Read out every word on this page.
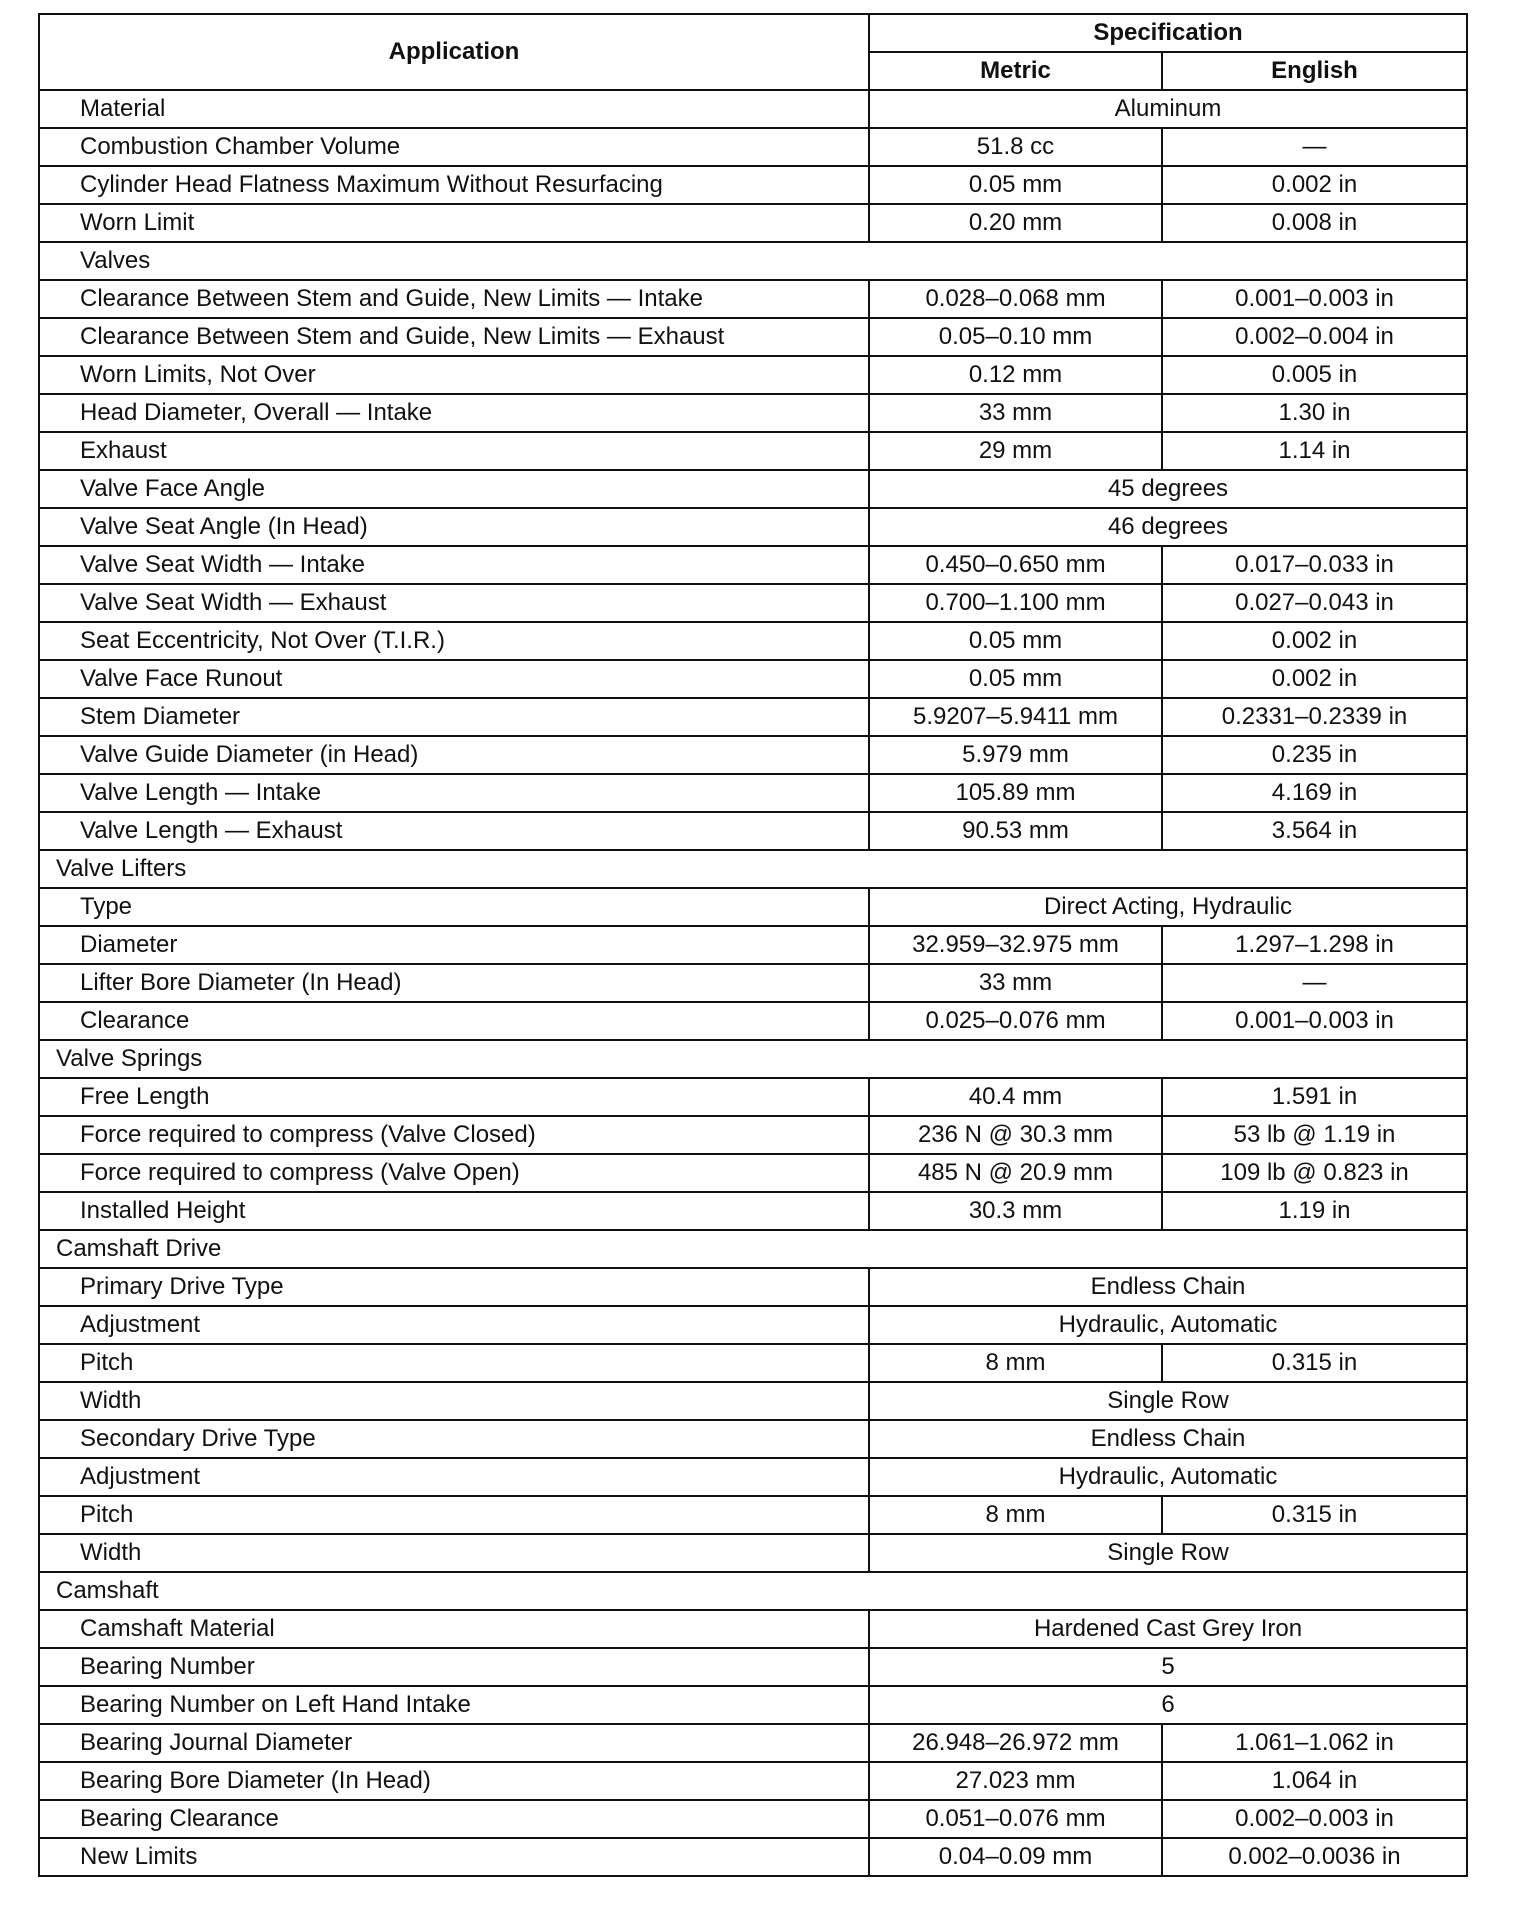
Application	Specification	
	Metric	English
Material	Aluminum	
Combustion Chamber Volume	51.8 cc	—
Cylinder Head Flatness Maximum Without Resurfacing	0.05 mm	0.002 in
Worn Limit	0.20 mm	0.008 in
Valves		
Clearance Between Stem and Guide, New Limits — Intake	0.028–0.068 mm	0.001–0.003 in
Clearance Between Stem and Guide, New Limits — Exhaust	0.05–0.10 mm	0.002–0.004 in
Worn Limits, Not Over	0.12 mm	0.005 in
Head Diameter, Overall — Intake	33 mm	1.30 in
Exhaust	29 mm	1.14 in
Valve Face Angle	45 degrees	
Valve Seat Angle (In Head)	46 degrees	
Valve Seat Width — Intake	0.450–0.650 mm	0.017–0.033 in
Valve Seat Width — Exhaust	0.700–1.100 mm	0.027–0.043 in
Seat Eccentricity, Not Over (T.I.R.)	0.05 mm	0.002 in
Valve Face Runout	0.05 mm	0.002 in
Stem Diameter	5.9207–5.9411 mm	0.2331–0.2339 in
Valve Guide Diameter (in Head)	5.979 mm	0.235 in
Valve Length — Intake	105.89 mm	4.169 in
Valve Length — Exhaust	90.53 mm	3.564 in
Valve Lifters		
Type	Direct Acting, Hydraulic	
Diameter	32.959–32.975 mm	1.297–1.298 in
Lifter Bore Diameter (In Head)	33 mm	—
Clearance	0.025–0.076 mm	0.001–0.003 in
Valve Springs		
Free Length	40.4 mm	1.591 in
Force required to compress (Valve Closed)	236 N @ 30.3 mm	53 lb @ 1.19 in
Force required to compress (Valve Open)	485 N @ 20.9 mm	109 lb @ 0.823 in
Installed Height	30.3 mm	1.19 in
Camshaft Drive		
Primary Drive Type	Endless Chain	
Adjustment	Hydraulic, Automatic	
Pitch	8 mm	0.315 in
Width	Single Row	
Secondary Drive Type	Endless Chain	
Adjustment	Hydraulic, Automatic	
Pitch	8 mm	0.315 in
Width	Single Row	
Camshaft		
Camshaft Material	Hardened Cast Grey Iron	
Bearing Number	5	
Bearing Number on Left Hand Intake	6	
Bearing Journal Diameter	26.948–26.972 mm	1.061–1.062 in
Bearing Bore Diameter (In Head)	27.023 mm	1.064 in
Bearing Clearance	0.051–0.076 mm	0.002–0.003 in
New Limits	0.04–0.09 mm	0.002–0.0036 in
